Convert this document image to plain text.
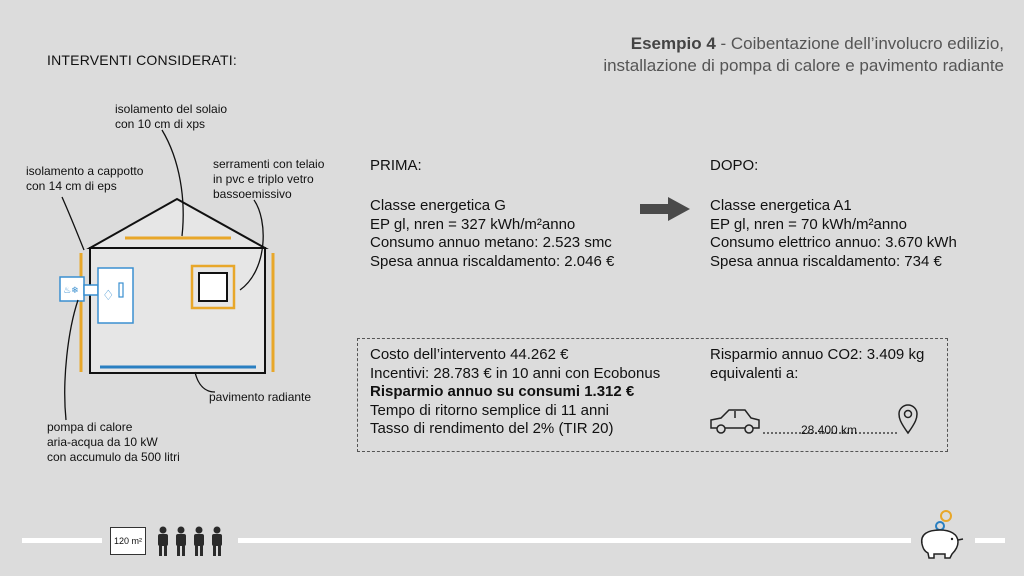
Esempio 4 - Coibentazione dell’involucro edilizio,
installazione di pompa di calore e pavimento radiante
INTERVENTI CONSIDERATI:
♨❄ ♢
isolamento del solaio
con 10 cm di xps
isolamento a cappotto
con 14 cm di eps
serramenti con telaio
in pvc e triplo vetro
bassoemissivo
pavimento radiante
pompa di calore
aria-acqua da 10 kW
con accumulo da 500 litri
PRIMA:
Classe energetica G
EP gl, nren = 327 kWh/m²anno
Consumo annuo metano: 2.523 smc
Spesa annua riscaldamento: 2.046 €
DOPO:
Classe energetica A1
EP gl, nren = 70 kWh/m²anno
Consumo elettrico annuo: 3.670 kWh
Spesa annua riscaldamento: 734 €
Costo dell’intervento 44.262 €
Incentivi: 28.783 € in 10 anni con Ecobonus
Risparmio annuo su consumi 1.312 €
Tempo di ritorno semplice di 11 anni
Tasso di rendimento del 2% (TIR 20)
Risparmio annuo CO2: 3.409 kg
equivalenti a:
28.400 km
120 m²
